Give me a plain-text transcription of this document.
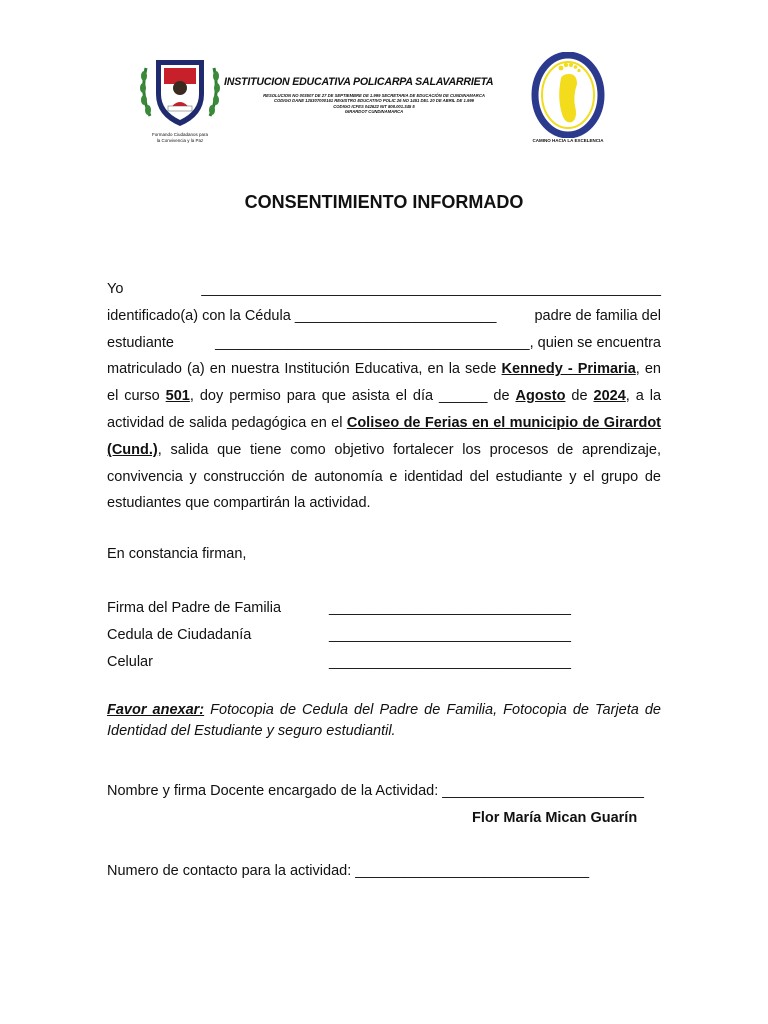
Formando Ciudadanos para
la Convivencia y la Paz
INSTITUCION EDUCATIVA POLICARPA SALAVARRIETA
RESOLUCION NO 003507 DE 27 DE SEPTIEMBRE DE 1.999 SECRETARIA DE EDUCACIÓN DE CUNDINAMARCA
CODIGO DANE 125307000161 REGISTRO EDUCATIVO POLIC 26 NO 1451 DEL 20 DE ABRIL DE 1.999
CODIGO ICFES 042622 NIT 808.001.345 5
GIRARDOT CUNDINAMARCA
CAMINO HACIA LA EXCELENCIA
CONSENTIMIENTO INFORMADO
Yo	_________________________________________________________
identificado(a) con la Cédula _________________________	padre de familia del
estudiante	_______________________________________, quien se encuentra
matriculado (a) en nuestra Institución Educativa, en la sede Kennedy - Primaria, en el curso 501, doy permiso para que asista el día ______ de Agosto de 2024, a la actividad de salida pedagógica en el Coliseo de Ferias en el municipio de Girardot (Cund.), salida que tiene como objetivo fortalecer los procesos de aprendizaje, convivencia y construcción de autonomía e identidad del estudiante y el grupo de estudiantes que compartirán la actividad.
En constancia firman,
Firma del Padre de Familia	______________________________
Cedula de Ciudadanía	______________________________
Celular	______________________________
Favor anexar: Fotocopia de Cedula del Padre de Familia, Fotocopia de Tarjeta de Identidad del Estudiante y seguro estudiantil.
Nombre y firma Docente encargado de la Actividad: _________________________
Flor María Mican Guarín
Numero de contacto para la actividad: _____________________________
